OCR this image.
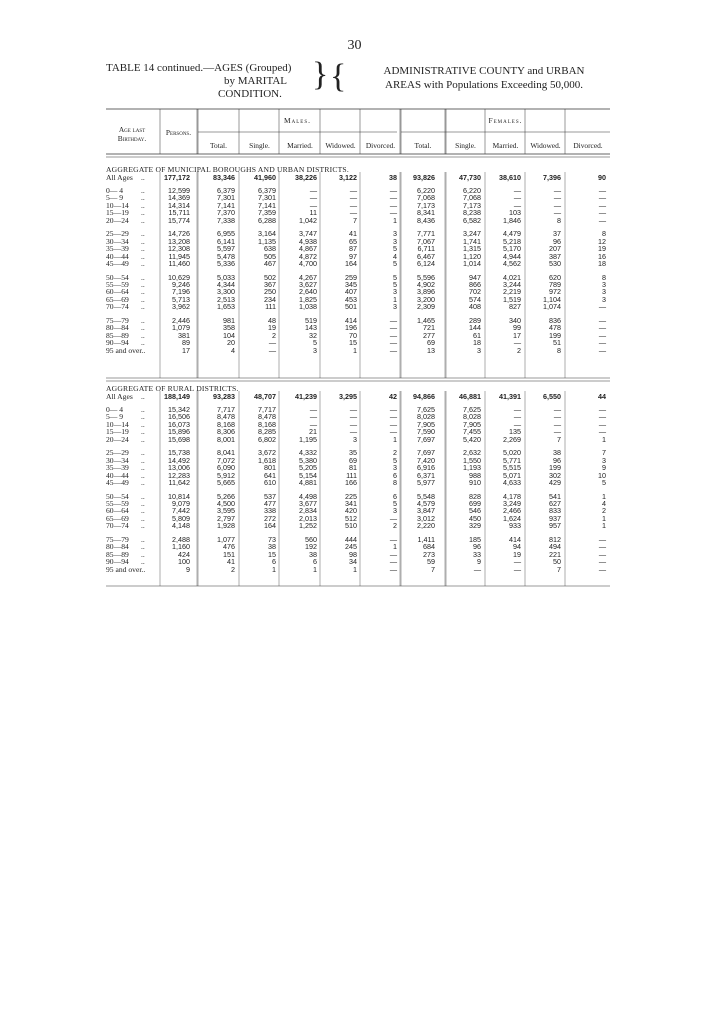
30
TABLE 14 continued.—AGES (Grouped)
by MARITAL
CONDITION.
} {	ADMINISTRATIVE COUNTY and URBAN
AREAS with Populations Exceeding 50,000.
Age last Birthday.
Persons.
Males.	Females.
Total.	Single.	Married.	Widowed.	Divorced.	Total.	Single.	Married.	Widowed.	Divorced.
AGGREGATE OF MUNICIPAL BOROUGHS AND URBAN DISTRICTS.
All Ages ..	177,172	83,346	41,960	38,226	3,122	38	93,826	47,730	38,610	7,396	90
0— 4 ..	12,599	6,379	6,379	—	—	—	6,220	6,220	—	—	—
5— 9 ..	14,369	7,301	7,301	—	—	—	7,068	7,068	—	—	—
10—14 ..	14,314	7,141	7,141	—	—	—	7,173	7,173	—	—	—
15—19 ..	15,711	7,370	7,359	11	—	—	8,341	8,238	103	—	—
20—24 ..	15,774	7,338	6,288	1,042	7	1	8,436	6,582	1,846	8	—
25—29 ..	14,726	6,955	3,164	3,747	41	3	7,771	3,247	4,479	37	8
30—34 ..	13,208	6,141	1,135	4,938	65	3	7,067	1,741	5,218	96	12
35—39 ..	12,308	5,597	638	4,867	87	5	6,711	1,315	5,170	207	19
40—44 ..	11,945	5,478	505	4,872	97	4	6,467	1,120	4,944	387	16
45—49 ..	11,460	5,336	467	4,700	164	5	6,124	1,014	4,562	530	18
50—54 ..	10,629	5,033	502	4,267	259	5	5,596	947	4,021	620	8
55—59 ..	9,246	4,344	367	3,627	345	5	4,902	866	3,244	789	3
60—64 ..	7,196	3,300	250	2,640	407	3	3,896	702	2,219	972	3
65—69 ..	5,713	2,513	234	1,825	453	1	3,200	574	1,519	1,104	3
70—74 ..	3,962	1,653	111	1,038	501	3	2,309	408	827	1,074	—
75—79 ..	2,446	981	48	519	414	—	1,465	289	340	836	—
80—84 ..	1,079	358	19	143	196	—	721	144	99	478	—
85—89 ..	381	104	2	32	70	—	277	61	17	199	—
90—94 ..	89	20	—	5	15	—	69	18	—	51	—
95 and over..	17	4	—	3	1	—	13	3	2	8	—
AGGREGATE OF RURAL DISTRICTS.
All Ages ..	188,149	93,283	48,707	41,239	3,295	42	94,866	46,881	41,391	6,550	44
0— 4 ..	15,342	7,717	7,717	—	—	—	7,625	7,625	—	—	—
5— 9 ..	16,506	8,478	8,478	—	—	—	8,028	8,028	—	—	—
10—14 ..	16,073	8,168	8,168	—	—	—	7,905	7,905	—	—	—
15—19 ..	15,896	8,306	8,285	21	—	—	7,590	7,455	135	—	—
20—24 ..	15,698	8,001	6,802	1,195	3	1	7,697	5,420	2,269	7	1
25—29 ..	15,738	8,041	3,672	4,332	35	2	7,697	2,632	5,020	38	7
30—34 ..	14,492	7,072	1,618	5,380	69	5	7,420	1,550	5,771	96	3
35—39 ..	13,006	6,090	801	5,205	81	3	6,916	1,193	5,515	199	9
40—44 ..	12,283	5,912	641	5,154	111	6	6,371	988	5,071	302	10
45—49 ..	11,642	5,665	610	4,881	166	8	5,977	910	4,633	429	5
50—54 ..	10,814	5,266	537	4,498	225	6	5,548	828	4,178	541	1
55—59 ..	9,079	4,500	477	3,677	341	5	4,579	699	3,249	627	4
60—64 ..	7,442	3,595	338	2,834	420	3	3,847	546	2,466	833	2
65—69 ..	5,809	2,797	272	2,013	512	—	3,012	450	1,624	937	1
70—74 ..	4,148	1,928	164	1,252	510	2	2,220	329	933	957	1
75—79 ..	2,488	1,077	73	560	444	—	1,411	185	414	812	—
80—84 ..	1,160	476	38	192	245	1	684	96	94	494	—
85—89 ..	424	151	15	38	98	—	273	33	19	221	—
90—94 ..	100	41	6	6	34	—	59	9	—	50	—
95 and over..	9	2	1	1	1	—	7	—	—	7	—
